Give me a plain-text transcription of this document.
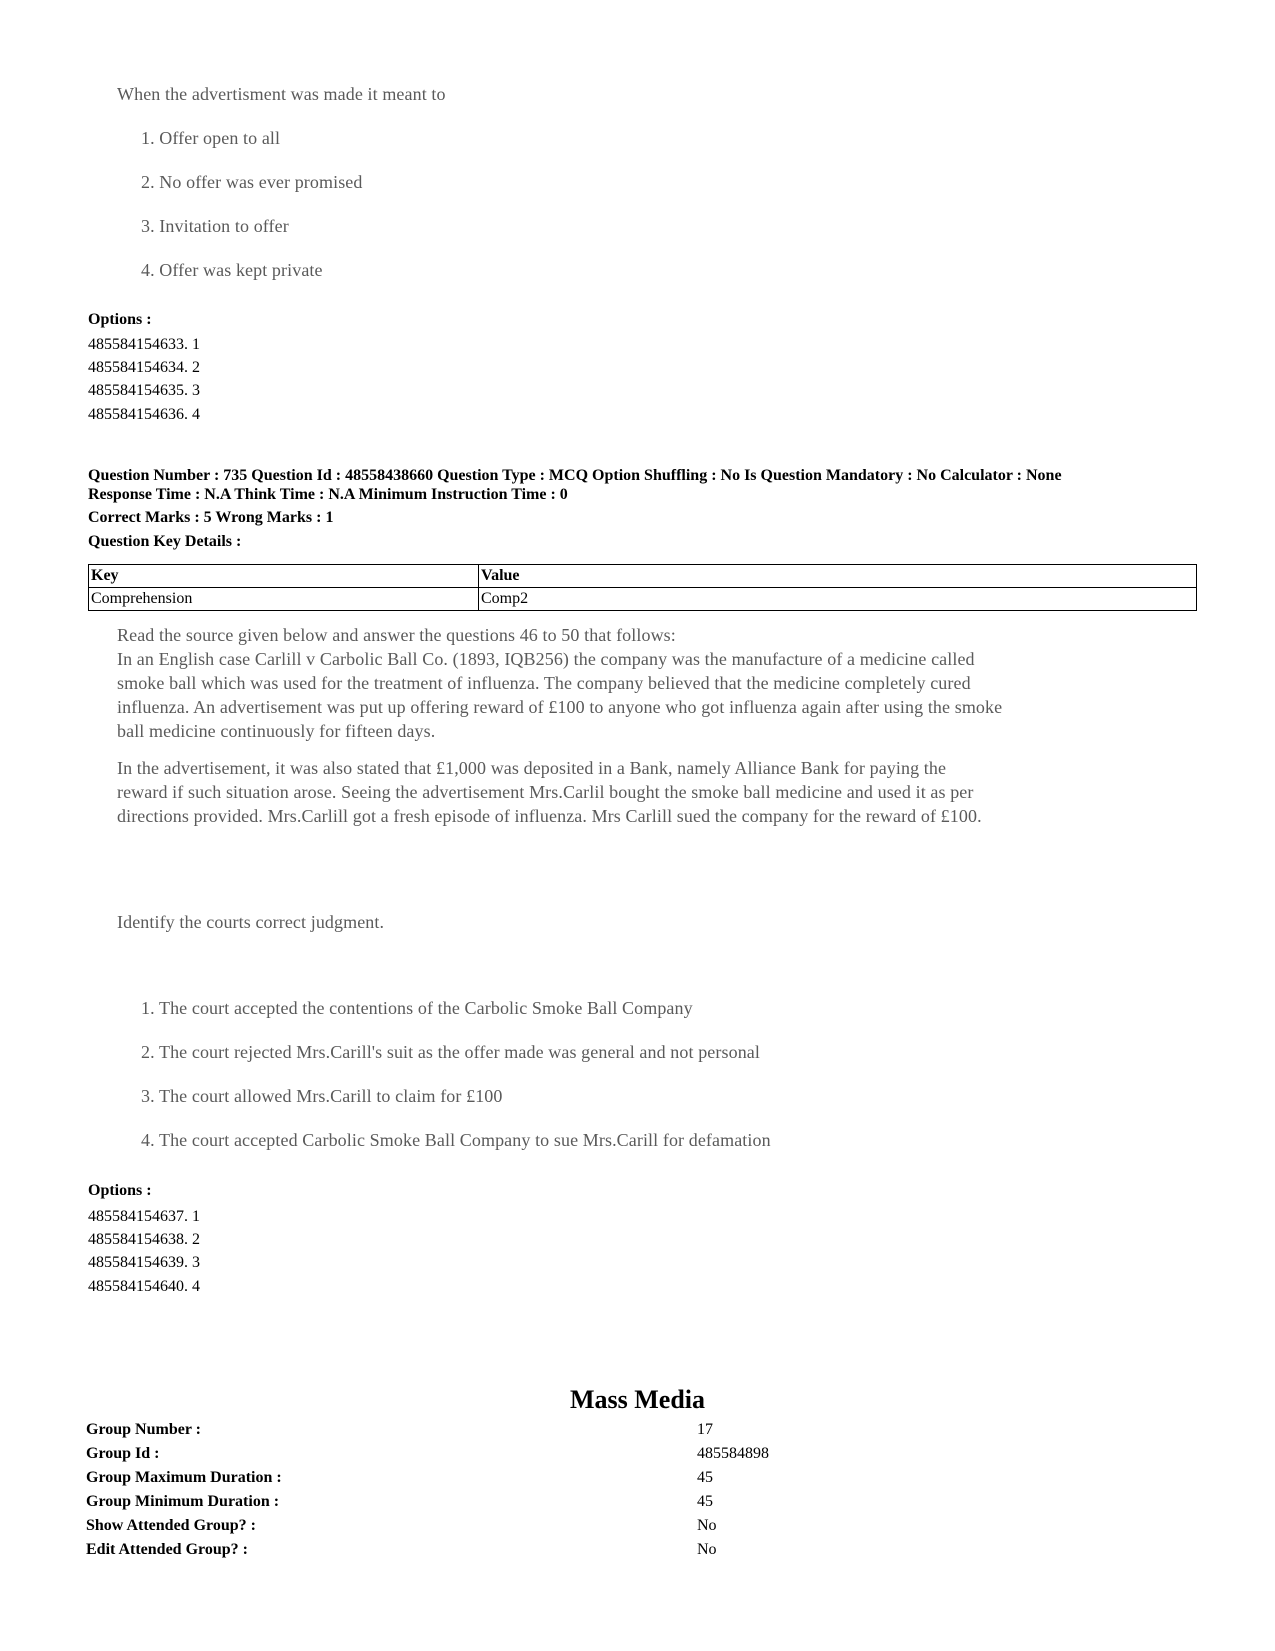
When the advertisment was made it meant to
1. Offer open to all
2. No offer was ever promised
3. Invitation to offer
4. Offer was kept private
Options :
485584154633. 1
485584154634. 2
485584154635. 3
485584154636. 4
Question Number : 735 Question Id : 48558438660 Question Type : MCQ Option Shuffling : No Is Question Mandatory : No Calculator : None
Response Time : N.A Think Time : N.A Minimum Instruction Time : 0
Correct Marks : 5 Wrong Marks : 1
Question Key Details :
Key	Value
Comprehension	Comp2
Read the source given below and answer the questions 46 to 50 that follows:
In an English case Carlill v Carbolic Ball Co. (1893, IQB256) the company was the manufacture of a medicine called smoke ball which was used for the treatment of influenza. The company believed that the medicine completely cured influenza. An advertisement was put up offering reward of £100 to anyone who got influenza again after using the smoke ball medicine continuously for fifteen days.
In the advertisement, it was also stated that £1,000 was deposited in a Bank, namely Alliance Bank for paying the reward if such situation arose. Seeing the advertisement Mrs.Carlil bought the smoke ball medicine and used it as per directions provided. Mrs.Carlill got a fresh episode of influenza. Mrs Carlill sued the company for the reward of £100.
Identify the courts correct judgment.
1. The court accepted the contentions of the Carbolic Smoke Ball Company
2. The court rejected Mrs.Carill's suit as the offer made was general and not personal
3. The court allowed Mrs.Carill to claim for £100
4. The court accepted Carbolic Smoke Ball Company to sue Mrs.Carill for defamation
Options :
485584154637. 1
485584154638. 2
485584154639. 3
485584154640. 4
Mass Media
Group Number :	17
Group Id :	485584898
Group Maximum Duration :	45
Group Minimum Duration :	45
Show Attended Group? :	No
Edit Attended Group? :	No
